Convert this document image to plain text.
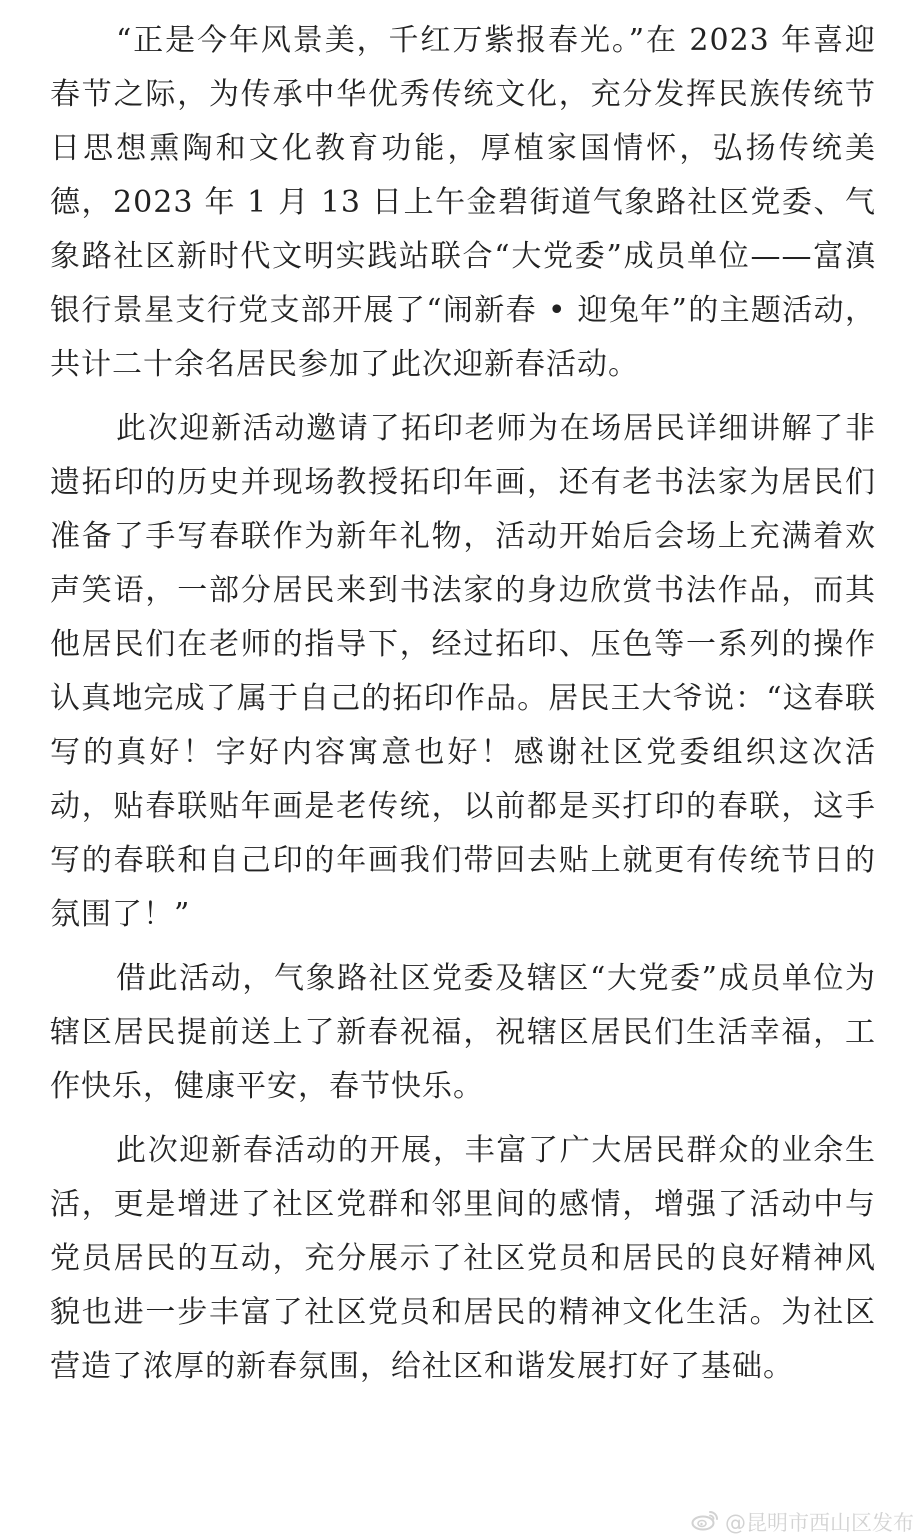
“正是今年风景美，千红万紫报春光。”在 2023 年喜迎春节之际，为传承中华优秀传统文化，充分发挥民族传统节日思想熏陶和文化教育功能，厚植家国情怀，弘扬传统美德，2023 年 1 月 13 日上午金碧街道气象路社区党委、气象路社区新时代文明实践站联合“大党委”成员单位——富滇银行景星支行党支部开展了“闹新春 • 迎兔年”的主题活动，共计二十余名居民参加了此次迎新春活动。

此次迎新活动邀请了拓印老师为在场居民详细讲解了非遗拓印的历史并现场教授拓印年画，还有老书法家为居民们准备了手写春联作为新年礼物，活动开始后会场上充满着欢声笑语，一部分居民来到书法家的身边欣赏书法作品，而其他居民们在老师的指导下，经过拓印、压色等一系列的操作认真地完成了属于自己的拓印作品。居民王大爷说：“这春联写的真好！字好内容寓意也好！感谢社区党委组织这次活动，贴春联贴年画是老传统，以前都是买打印的春联，这手写的春联和自己印的年画我们带回去贴上就更有传统节日的氛围了！”

借此活动，气象路社区党委及辖区“大党委”成员单位为辖区居民提前送上了新春祝福，祝辖区居民们生活幸福，工作快乐，健康平安，春节快乐。

此次迎新春活动的开展，丰富了广大居民群众的业余生活，更是增进了社区党群和邻里间的感情，增强了活动中与党员居民的互动，充分展示了社区党员和居民的良好精神风貌也进一步丰富了社区党员和居民的精神文化生活。为社区营造了浓厚的新春氛围，给社区和谐发展打好了基础。

@昆明市西山区发布
